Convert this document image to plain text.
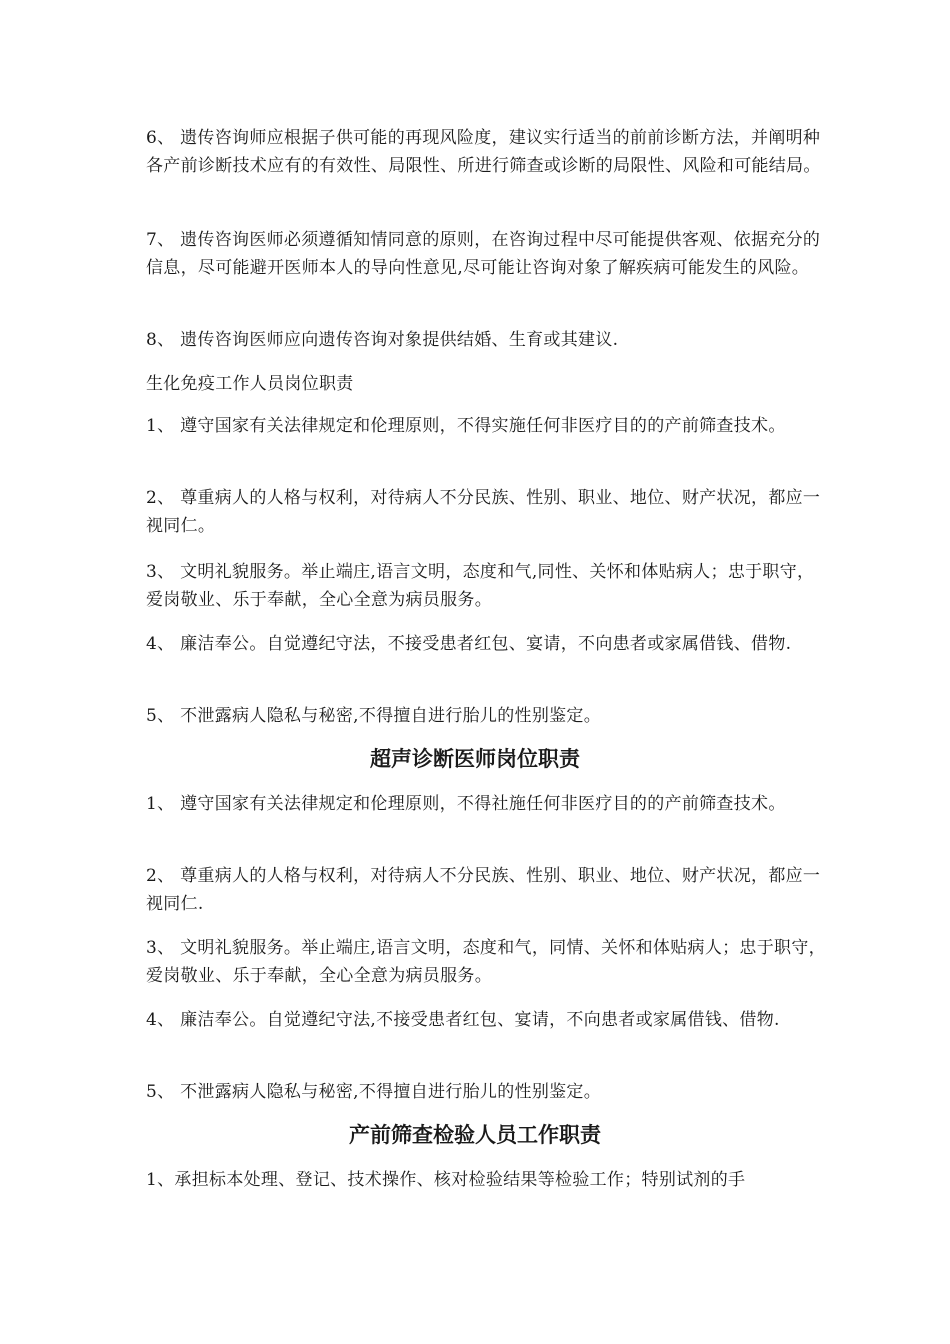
6、 遗传咨询师应根据子供可能的再现风险度，建议实行适当的前前诊断方法，并阐明种各产前诊断技术应有的有效性、局限性、所进行筛查或诊断的局限性、风险和可能结局。

7、 遗传咨询医师必须遵循知情同意的原则，在咨询过程中尽可能提供客观、依据充分的信息，尽可能避开医师本人的导向性意见,尽可能让咨询对象了解疾病可能发生的风险。

8、 遗传咨询医师应向遗传咨询对象提供结婚、生育或其建议.

生化免疫工作人员岗位职责

1、 遵守国家有关法律规定和伦理原则，不得实施任何非医疗目的的产前筛查技术。

2、 尊重病人的人格与权利，对待病人不分民族、性别、职业、地位、财产状况，都应一视同仁。

3、 文明礼貌服务。举止端庄,语言文明，态度和气,同性、关怀和体贴病人；忠于职守，爱岗敬业、乐于奉献，全心全意为病员服务。

4、 廉洁奉公。自觉遵纪守法，不接受患者红包、宴请，不向患者或家属借钱、借物.

5、 不泄露病人隐私与秘密,不得擅自进行胎儿的性别鉴定。

超声诊断医师岗位职责

1、 遵守国家有关法律规定和伦理原则，不得社施任何非医疗目的的产前筛查技术。

2、 尊重病人的人格与权利，对待病人不分民族、性别、职业、地位、财产状况，都应一视同仁.

3、 文明礼貌服务。举止端庄,语言文明，态度和气，同情、关怀和体贴病人；忠于职守，爱岗敬业、乐于奉献，全心全意为病员服务。

4、 廉洁奉公。自觉遵纪守法,不接受患者红包、宴请，不向患者或家属借钱、借物.

5、 不泄露病人隐私与秘密,不得擅自进行胎儿的性别鉴定。

产前筛查检验人员工作职责

1、承担标本处理、登记、技术操作、核对检验结果等检验工作；特别试剂的手
